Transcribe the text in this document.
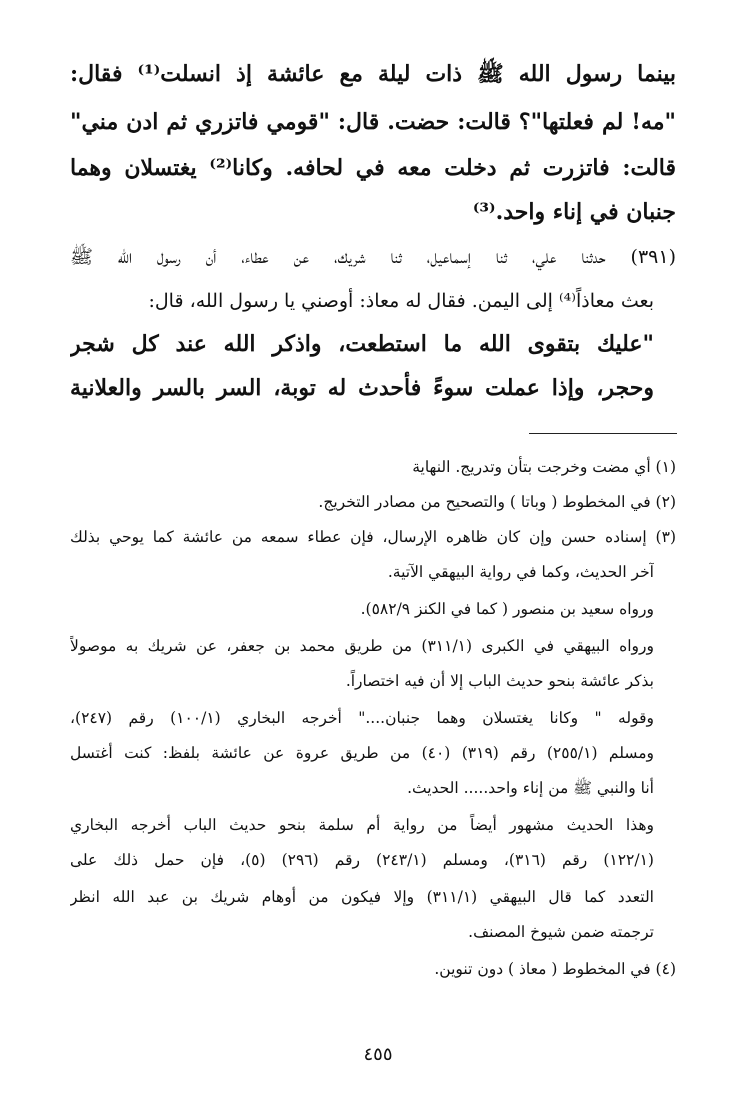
بينما رسول الله ﷺ ذات ليلة مع عائشة إذ انسلت⁽¹⁾ فقال:
"مه! لم فعلتها"؟ قالت: حضت. قال: "قومي فاتزري ثم ادن مني"
قالت: فاتزرت ثم دخلت معه في لحافه. وكانا⁽²⁾ يغتسلان وهما
جنبان في إناء واحد.⁽³⁾
(٣٩١) حدثنا علي، ثنا إسماعيل، ثنا شريك، عن عطاء، أن رسول الله ﷺ
بعث معاذاً⁽⁴⁾ إلى اليمن. فقال له معاذ: أوصني يا رسول الله، قال:
"عليك بتقوى الله ما استطعت، واذكر الله عند كل شجر
وحجر، وإذا عملت سوءً فأحدث له توبة، السر بالسر والعلانية
(١) أي مضت وخرجت بتأن وتدريج. النهاية
(٢) في المخطوط ( وباتا ) والتصحيح من مصادر التخريج.
(٣) إسناده حسن وإن كان ظاهره الإرسال، فإن عطاء سمعه من عائشة كما يوحي بذلك
آخر الحديث، وكما في رواية البيهقي الآتية.
ورواه سعيد بن منصور ( كما في الكنز ٥٨٢/٩).
ورواه البيهقي في الكبرى (٣١١/١) من طريق محمد بن جعفر، عن شريك به موصولاً
بذكر عائشة بنحو حديث الباب إلا أن فيه اختصاراً.
وقوله " وكانا يغتسلان وهما جنبان...." أخرجه البخاري (١٠٠/١) رقم (٢٤٧)،
ومسلم (٢٥٥/١) رقم (٣١٩) (٤٠) من طريق عروة عن عائشة بلفظ: كنت أغتسل
أنا والنبي ﷺ من إناء واحد..... الحديث.
وهذا الحديث مشهور أيضاً من رواية أم سلمة بنحو حديث الباب أخرجه البخاري
(١٢٢/١) رقم (٣١٦)، ومسلم (٢٤٣/١) رقم (٢٩٦) (٥)، فإن حمل ذلك على
التعدد كما قال البيهقي (٣١١/١) وإلا فيكون من أوهام شريك بن عبد الله انظر
ترجمته ضمن شيوخ المصنف.
(٤) في المخطوط ( معاذ ) دون تنوين.
٤٥٥
